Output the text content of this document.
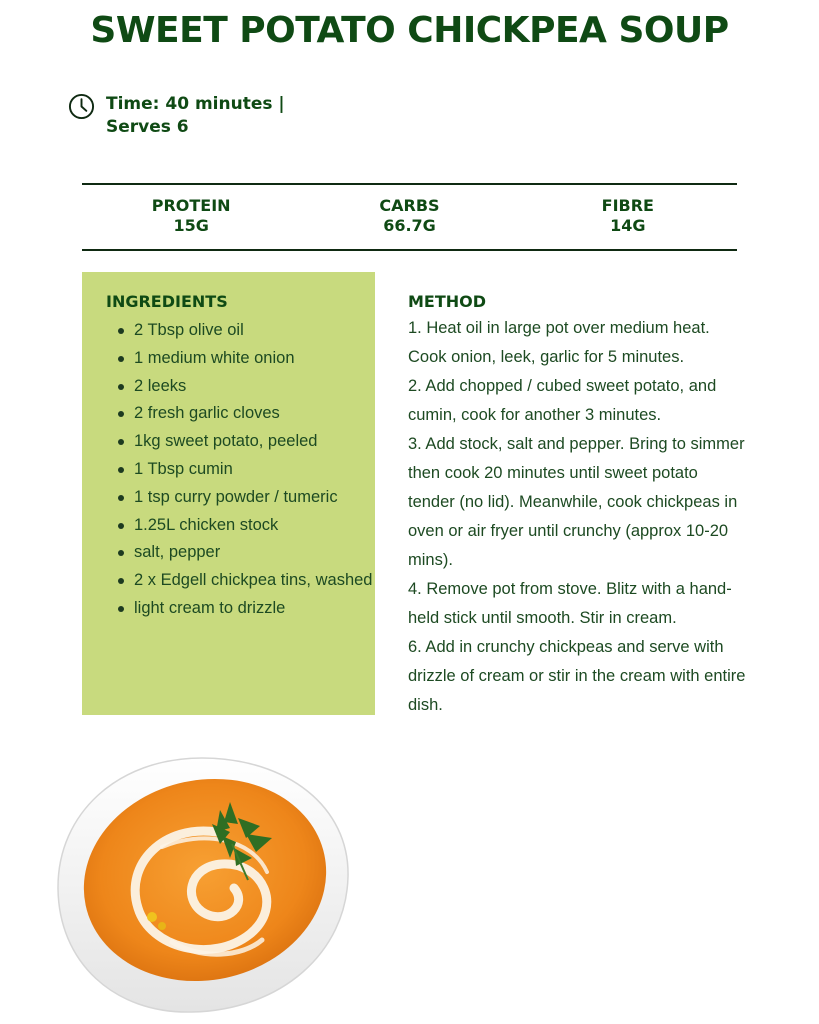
SWEET POTATO CHICKPEA SOUP
Time: 40 minutes |
Serves 6
PROTEIN
15G
CARBS
66.7G
FIBRE
14G
INGREDIENTS
2 Tbsp olive oil
1 medium white onion
2 leeks
2 fresh garlic cloves
1kg sweet potato, peeled
1 Tbsp cumin
1 tsp curry powder / tumeric
1.25L chicken stock
salt, pepper
2 x Edgell chickpea tins, washed
light cream to drizzle
METHOD
1. Heat oil in large pot over medium heat. Cook onion, leek, garlic for 5 minutes.
2. Add chopped / cubed sweet potato, and cumin, cook for another 3 minutes.
3. Add stock, salt and pepper. Bring to simmer then cook 20 minutes until sweet potato tender (no lid). Meanwhile, cook chickpeas in oven or air fryer until crunchy (approx 10-20 mins).
4. Remove pot from stove. Blitz with a hand-held stick until smooth. Stir in cream.
6. Add in crunchy chickpeas and serve with drizzle of cream or stir in the cream with entire dish.
